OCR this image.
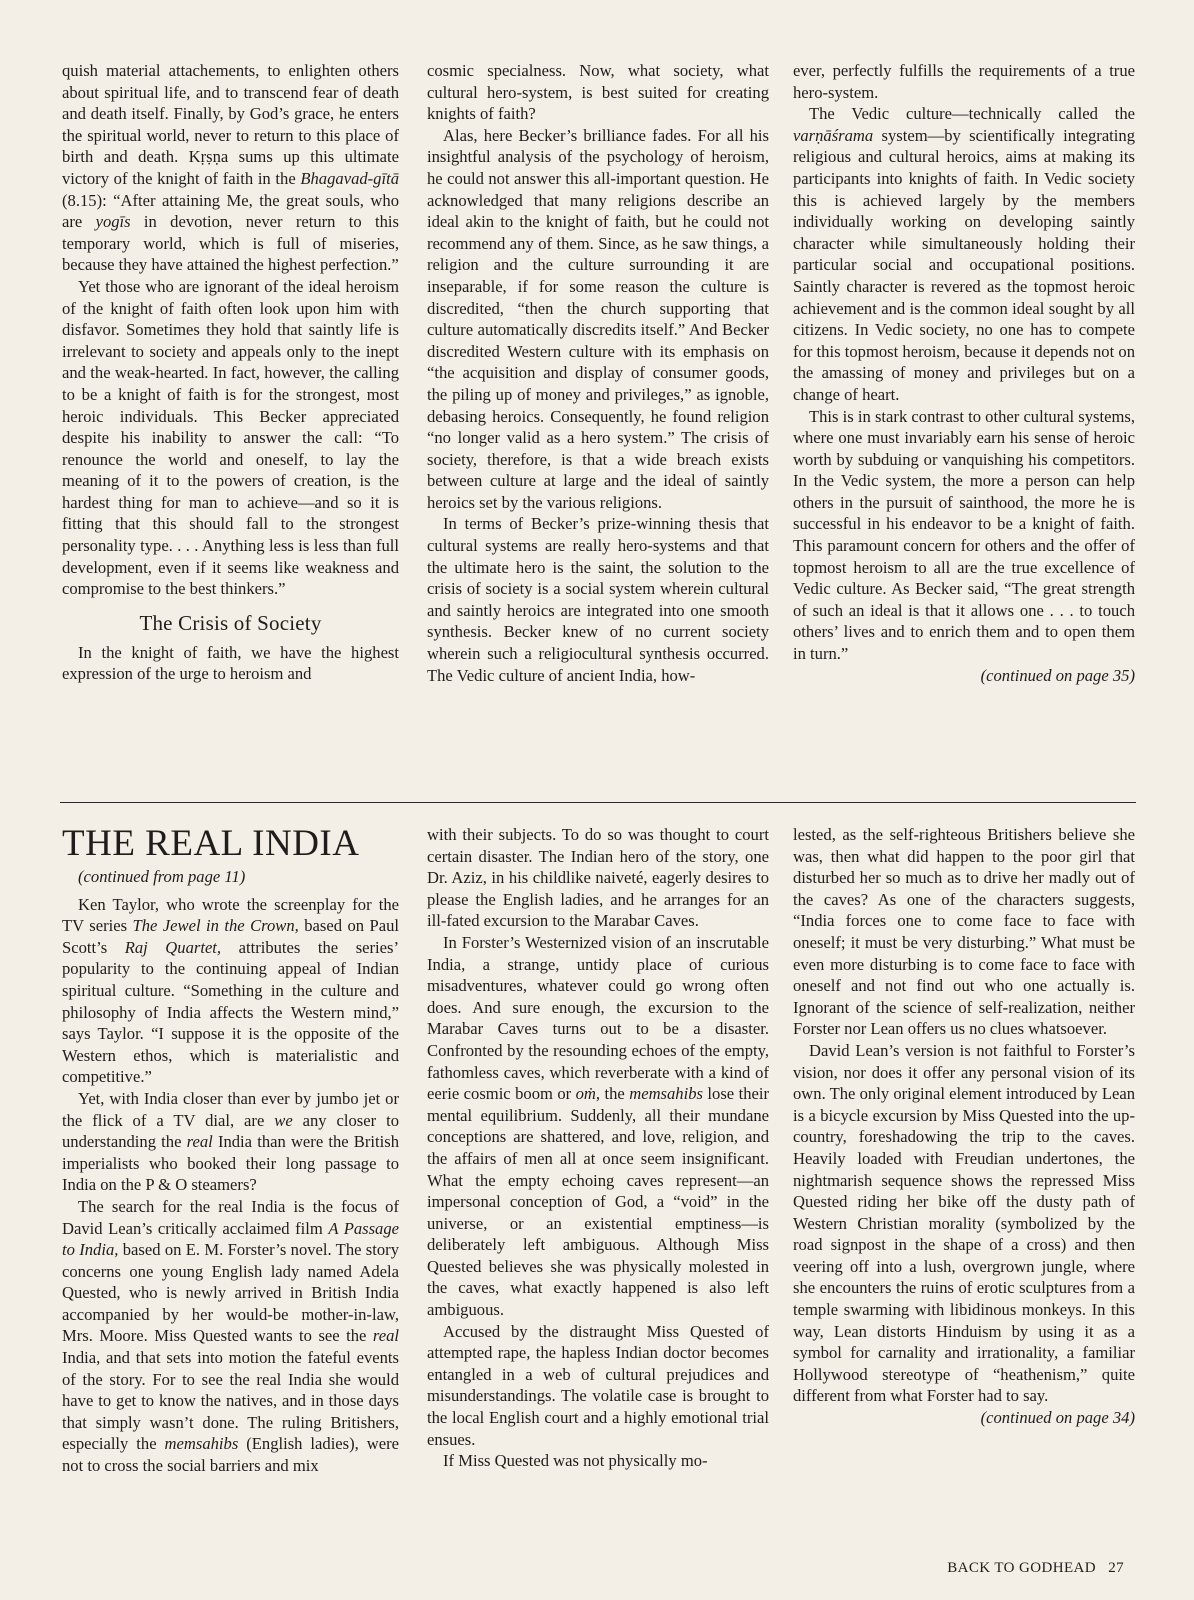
quish material attachements, to enlighten others about spiritual life, and to transcend fear of death and death itself. Finally, by God’s grace, he enters the spiritual world, never to return to this place of birth and death. Kṛṣṇa sums up this ultimate victory of the knight of faith in the Bhagavad-gītā (8.15): “After attaining Me, the great souls, who are yogīs in devotion, never return to this temporary world, which is full of miseries, because they have attained the highest perfection.”

Yet those who are ignorant of the ideal heroism of the knight of faith often look upon him with disfavor. Sometimes they hold that saintly life is irrelevant to society and appeals only to the inept and the weak-hearted. In fact, however, the calling to be a knight of faith is for the strongest, most heroic individuals. This Becker appreciated despite his inability to answer the call: “To renounce the world and oneself, to lay the meaning of it to the powers of creation, is the hardest thing for man to achieve—and so it is fitting that this should fall to the strongest personality type. . . . Anything less is less than full development, even if it seems like weakness and compromise to the best thinkers.”

The Crisis of Society

In the knight of faith, we have the highest expression of the urge to heroism and

cosmic specialness. Now, what society, what cultural hero-system, is best suited for creating knights of faith?

Alas, here Becker’s brilliance fades. For all his insightful analysis of the psychology of heroism, he could not answer this all-important question. He acknowledged that many religions describe an ideal akin to the knight of faith, but he could not recommend any of them. Since, as he saw things, a religion and the culture surrounding it are inseparable, if for some reason the culture is discredited, “then the church supporting that culture automatically discredits itself.” And Becker discredited Western culture with its emphasis on “the acquisition and display of consumer goods, the piling up of money and privileges,” as ignoble, debasing heroics. Consequently, he found religion “no longer valid as a hero system.” The crisis of society, therefore, is that a wide breach exists between culture at large and the ideal of saintly heroics set by the various religions.

In terms of Becker’s prize-winning thesis that cultural systems are really hero-systems and that the ultimate hero is the saint, the solution to the crisis of society is a social system wherein cultural and saintly heroics are integrated into one smooth synthesis. Becker knew of no current society wherein such a religiocultural synthesis occurred. The Vedic culture of ancient India, how-

ever, perfectly fulfills the requirements of a true hero-system.

The Vedic culture—technically called the varṇāśrama system—by scientifically integrating religious and cultural heroics, aims at making its participants into knights of faith. In Vedic society this is achieved largely by the members individually working on developing saintly character while simultaneously holding their particular social and occupational positions. Saintly character is revered as the topmost heroic achievement and is the common ideal sought by all citizens. In Vedic society, no one has to compete for this topmost heroism, because it depends not on the amassing of money and privileges but on a change of heart.

This is in stark contrast to other cultural systems, where one must invariably earn his sense of heroic worth by subduing or vanquishing his competitors. In the Vedic system, the more a person can help others in the pursuit of sainthood, the more he is successful in his endeavor to be a knight of faith. This paramount concern for others and the offer of topmost heroism to all are the true excellence of Vedic culture. As Becker said, “The great strength of such an ideal is that it allows one . . . to touch others’ lives and to enrich them and to open them in turn.”

(continued on page 35)
THE REAL INDIA

(continued from page 11)

Ken Taylor, who wrote the screenplay for the TV series The Jewel in the Crown, based on Paul Scott’s Raj Quartet, attributes the series’ popularity to the continuing appeal of Indian spiritual culture. “Something in the culture and philosophy of India affects the Western mind,” says Taylor. “I suppose it is the opposite of the Western ethos, which is materialistic and competitive.”

Yet, with India closer than ever by jumbo jet or the flick of a TV dial, are we any closer to understanding the real India than were the British imperialists who booked their long passage to India on the P & O steamers?

The search for the real India is the focus of David Lean’s critically acclaimed film A Passage to India, based on E. M. Forster’s novel. The story concerns one young English lady named Adela Quested, who is newly arrived in British India accompanied by her would-be mother-in-law, Mrs. Moore. Miss Quested wants to see the real India, and that sets into motion the fateful events of the story. For to see the real India she would have to get to know the natives, and in those days that simply wasn’t done. The ruling Britishers, especially the memsahibs (English ladies), were not to cross the social barriers and mix

with their subjects. To do so was thought to court certain disaster. The Indian hero of the story, one Dr. Aziz, in his childlike naiveté, eagerly desires to please the English ladies, and he arranges for an ill-fated excursion to the Marabar Caves.

In Forster’s Westernized vision of an inscrutable India, a strange, untidy place of curious misadventures, whatever could go wrong often does. And sure enough, the excursion to the Marabar Caves turns out to be a disaster. Confronted by the resounding echoes of the empty, fathomless caves, which reverberate with a kind of eerie cosmic boom or oṁ, the memsahibs lose their mental equilibrium. Suddenly, all their mundane conceptions are shattered, and love, religion, and the affairs of men all at once seem insignificant. What the empty echoing caves represent—an impersonal conception of God, a “void” in the universe, or an existential emptiness—is deliberately left ambiguous. Although Miss Quested believes she was physically molested in the caves, what exactly happened is also left ambiguous.

Accused by the distraught Miss Quested of attempted rape, the hapless Indian doctor becomes entangled in a web of cultural prejudices and misunderstandings. The volatile case is brought to the local English court and a highly emotional trial ensues.

If Miss Quested was not physically mo-

lested, as the self-righteous Britishers believe she was, then what did happen to the poor girl that disturbed her so much as to drive her madly out of the caves? As one of the characters suggests, “India forces one to come face to face with oneself; it must be very disturbing.” What must be even more disturbing is to come face to face with oneself and not find out who one actually is. Ignorant of the science of self-realization, neither Forster nor Lean offers us no clues whatsoever.

David Lean’s version is not faithful to Forster’s vision, nor does it offer any personal vision of its own. The only original element introduced by Lean is a bicycle excursion by Miss Quested into the up-country, foreshadowing the trip to the caves. Heavily loaded with Freudian undertones, the nightmarish sequence shows the repressed Miss Quested riding her bike off the dusty path of Western Christian morality (symbolized by the road signpost in the shape of a cross) and then veering off into a lush, overgrown jungle, where she encounters the ruins of erotic sculptures from a temple swarming with libidinous monkeys. In this way, Lean distorts Hinduism by using it as a symbol for carnality and irrationality, a familiar Hollywood stereotype of “heathenism,” quite different from what Forster had to say.

(continued on page 34)
BACK TO GODHEAD 27
